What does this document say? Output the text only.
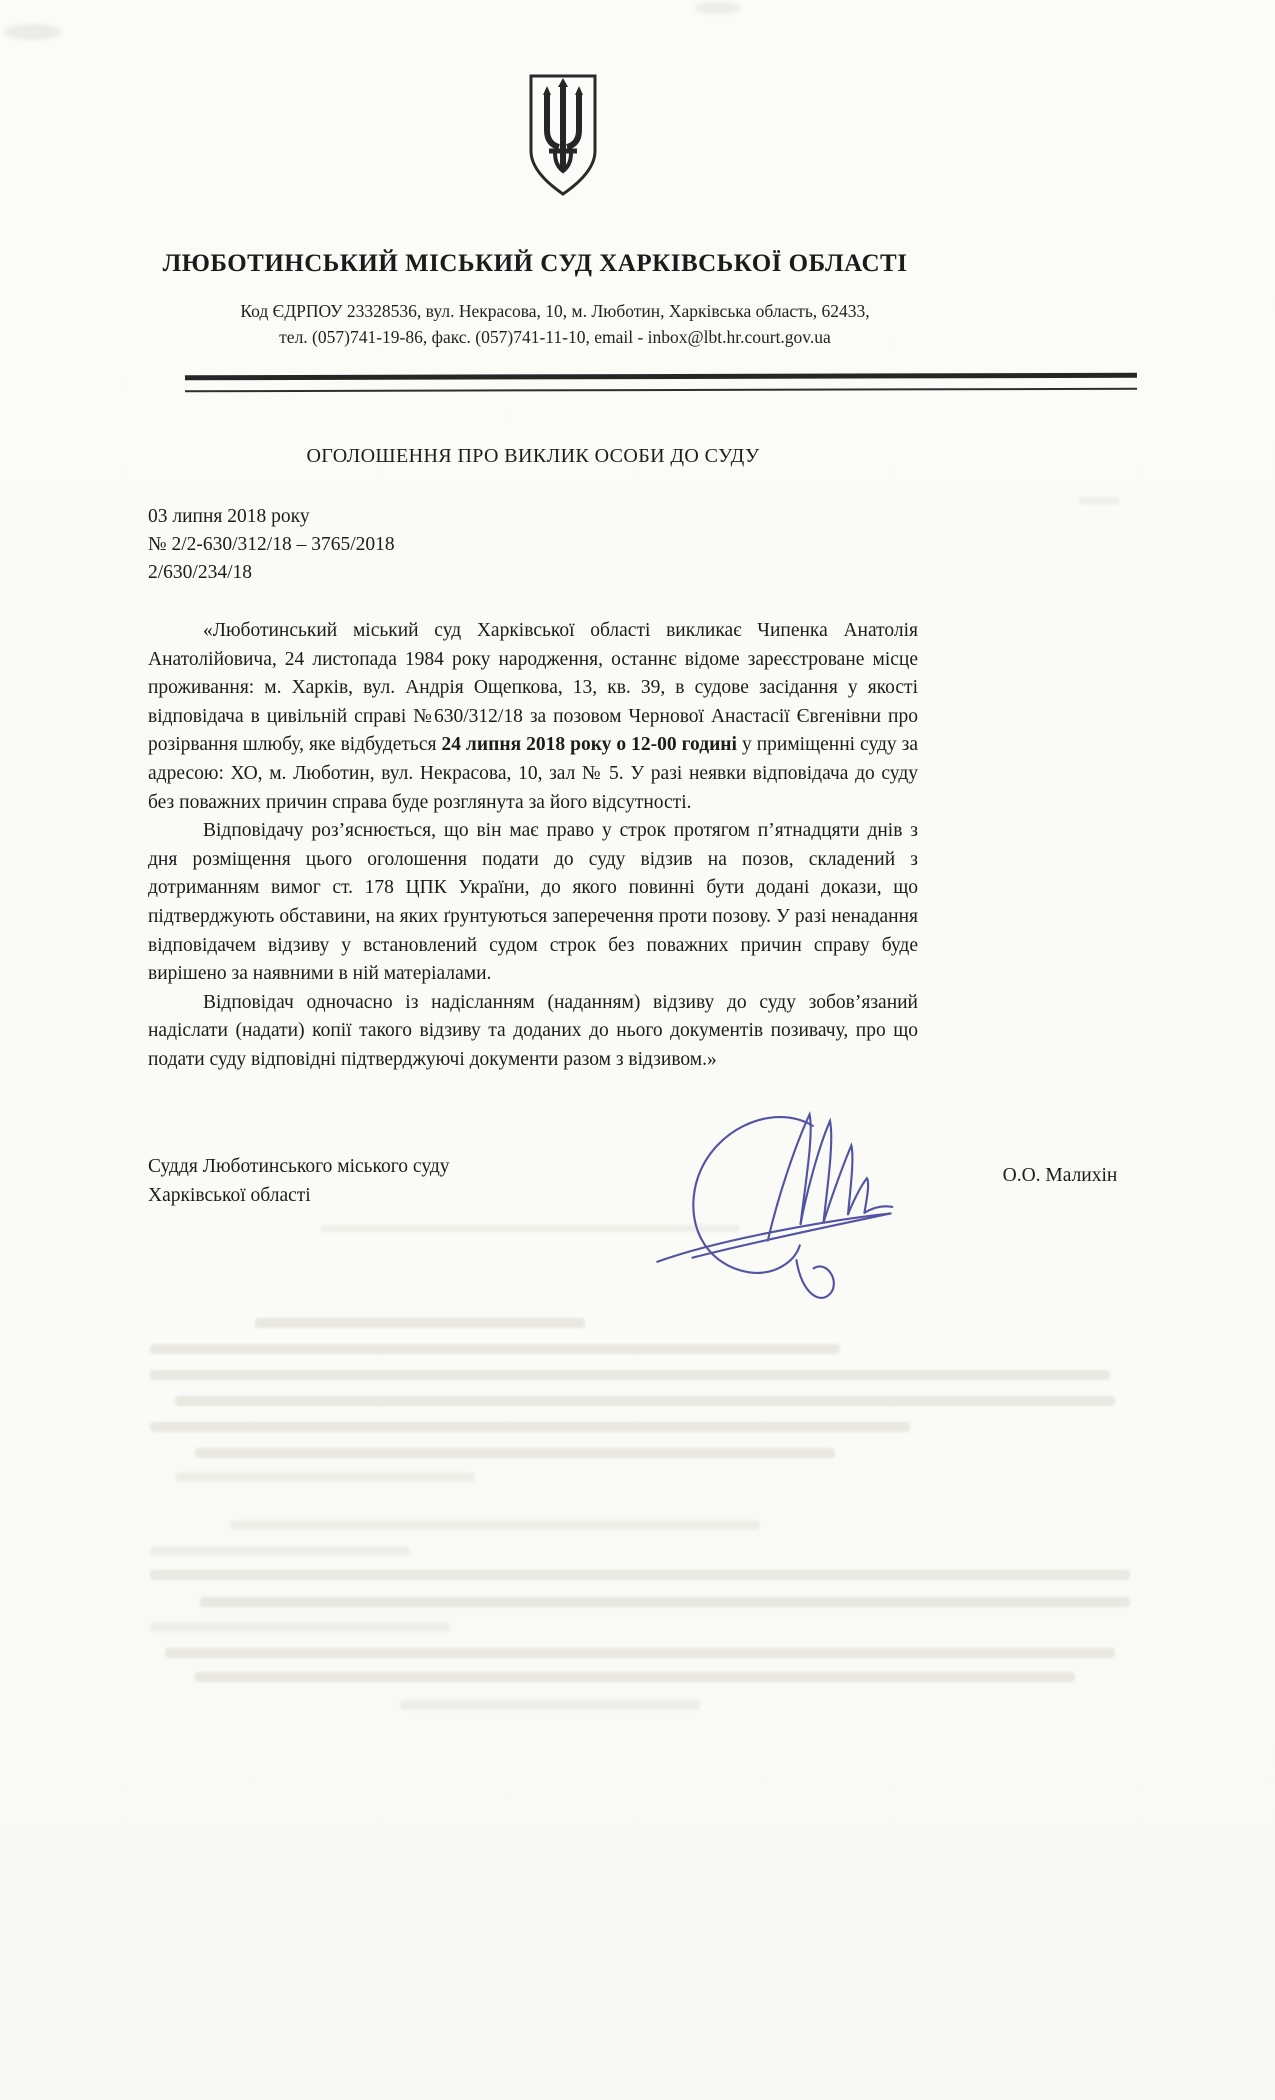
ЛЮБОТИНСЬКИЙ МІСЬКИЙ СУД ХАРКІВСЬКОЇ ОБЛАСТІ
Код ЄДРПОУ 23328536, вул. Некрасова, 10, м. Люботин, Харківська область, 62433,
тел. (057)741-19-86, факс. (057)741-11-10, email - inbox@lbt.hr.court.gov.ua
ОГОЛОШЕННЯ ПРО ВИКЛИК ОСОБИ ДО СУДУ
03 липня 2018 року
№ 2/2-630/312/18 – 3765/2018
2/630/234/18

«Люботинський міський суд Харківської області викликає Чипенка Анатолія Анатолійовича, 24 листопада 1984 року народження, останнє відоме зареєстроване місце проживання: м. Харків, вул. Андрія Ощепкова, 13, кв. 39, в судове засідання у якості відповідача в цивільній справі №630/312/18 за позовом Чернової Анастасії Євгенівни про розірвання шлюбу, яке відбудеться 24 липня 2018 року о 12-00 годині у приміщенні суду за адресою: ХО, м. Люботин, вул. Некрасова, 10, зал № 5. У разі неявки відповідача до суду без поважних причин справа буде розглянута за його відсутності.

Відповідачу роз’яснюється, що він має право у строк протягом п’ятнадцяти днів з дня розміщення цього оголошення подати до суду відзив на позов, складений з дотриманням вимог ст. 178 ЦПК України, до якого повинні бути додані докази, що підтверджують обставини, на яких ґрунтуються заперечення проти позову. У разі ненадання відповідачем відзиву у встановлений судом строк без поважних причин справу буде вирішено за наявними в ній матеріалами.

Відповідач одночасно із надісланням (наданням) відзиву до суду зобов’язаний надіслати (надати) копії такого відзиву та доданих до нього документів позивачу, про що подати суду відповідні підтверджуючі документи разом з відзивом.»

Суддя Люботинського міського суду
Харківської області
О.О. Малихін
